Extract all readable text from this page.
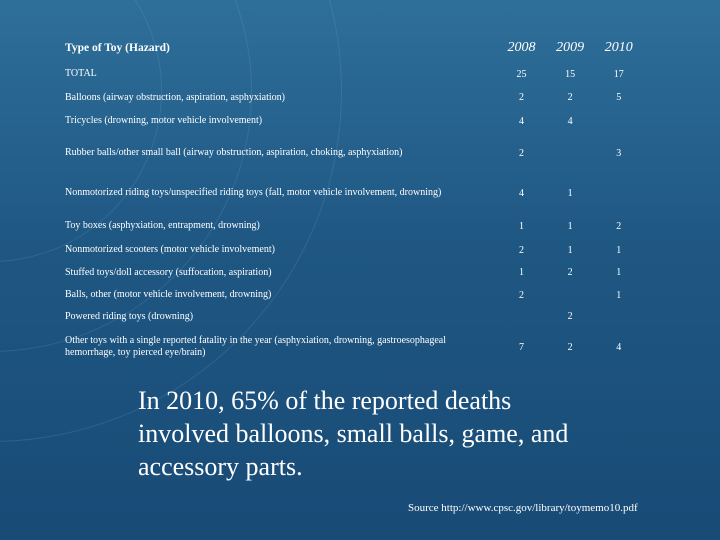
Type of Toy (Hazard)	2008	2009	2010
TOTAL	25	15	17
Balloons (airway obstruction, aspiration, asphyxiation)	2	2	5
Tricycles (drowning, motor vehicle involvement)	4	4	
Rubber balls/other small ball (airway obstruction, aspiration, choking, asphyxiation)	2		3
Nonmotorized riding toys/unspecified riding toys (fall, motor vehicle involvement, drowning)	4	1	
Toy boxes (asphyxiation, entrapment, drowning)	1	1	2
Nonmotorized scooters (motor vehicle involvement)	2	1	1
Stuffed toys/doll accessory (suffocation, aspiration)	1	2	1
Balls, other (motor vehicle involvement, drowning)	2		1
Powered riding toys (drowning)		2	
Other toys with a single reported fatality in the year (asphyxiation, drowning, gastroesophageal hemorrhage, toy pierced eye/brain)	7	2	4
In 2010, 65% of the reported deaths involved balloons, small balls, game, and accessory parts.
Source http://www.cpsc.gov/library/toymemo10.pdf
